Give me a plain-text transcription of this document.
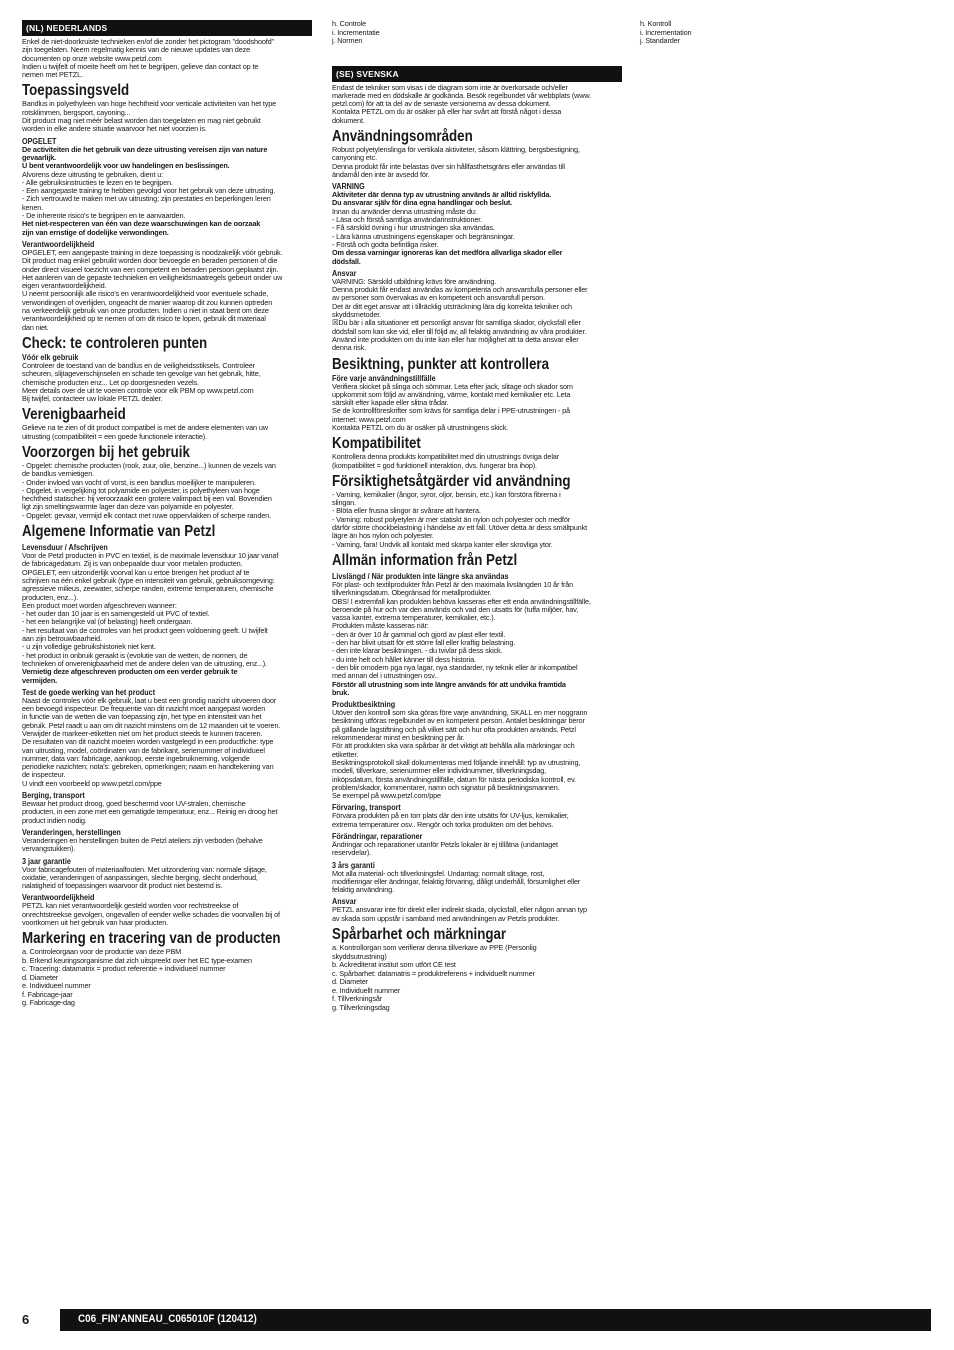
(NL) NEDERLANDS
Enkel de niet-doorkruiste technieken en/of die zonder het pictogram "doodshoofd"
zijn toegelaten. Neem regelmatig kennis van de nieuwe updates van deze
documenten op onze website www.petzl.com
Indien u twijfelt of moeite heeft om het te begrijpen, gelieve dan contact op te
nemen met PETZL.
Toepassingsveld
Bandlus in polyethyleen van hoge hechtheid voor verticale activiteiten van het type
rotsklimmen, bergsport, cayoning...
Dit product mag niet méér belast worden dan toegelaten en mag niet gebruikt
worden in elke andere situatie waarvoor het niet voorzien is.
OPGELET
De activiteiten die het gebruik van deze uitrusting vereisen zijn van nature
gevaarlijk.
U bent verantwoordelijk voor uw handelingen en beslissingen.
Alvorens deze uitrusting te gebruiken, dient u:
- Alle gebruiksinstructies te lezen en te begrijpen.
- Een aangepaste training te hebben gevolgd voor het gebruik van deze uitrusting.
- Zich vertrouwd te maken met uw uitrusting; zijn prestaties en beperkingen leren
kenen.
- De inherente risico's te begrijpen en te aanvaarden.
Het niet-respecteren van één van deze waarschuwingen kan de oorzaak
zijn van ernstige of dodelijke verwondingen.
Verantwoordelijkheid
OPGELET, een aangepaste training in deze toepassing is noodzakelijk vóór gebruik.
Dit product mag enkel gebruikt worden door bevoegde en beraden personen of die
onder direct visueel toezicht van een competent en beraden persoon geplaatst zijn.
Het aanleren van de gepaste technieken en veiligheidsmaatregels gebeurt onder uw
eigen verantwoordelijkheid.
U neemt persoonlijk alle risico's en verantwoordelijkheid voor eventuele schade,
verwondingen of overlijden, ongeacht de manier waarop dit zou kunnen optreden
na verkeerdelijk gebruik van onze producten. Indien u niet in staat bent om deze
verantwoordelijkheid op te nemen of om dit risico te lopen, gebruik dit materiaal
dan niet.
Check: te controleren punten
Vóór elk gebruik
Controleer de toestand van de bandlus en de veiligheidsstiksels. Controleer
scheuren, slijtageverschijnselen en schade ten gevolge van het gebruik, hitte,
chemische producten enz... Let op doorgesneden vezels.
Meer details over de uit te voeren controle voor elk PBM op www.petzl.com
Bij twijfel, contacteer uw lokale PETZL dealer.
Verenigbaarheid
Gelieve na te zien of dit product compatibel is met de andere elementen van uw
uitrusting (compatibiliteit = een goede functionele interactie).
Voorzorgen bij het gebruik
- Opgelet: chemische producten (rook, zuur, olie, benzine...) kunnen de vezels van
de bandlus vernietigen.
- Onder invloed van vocht of vorst, is een bandlus moeilijker te manipuleren.
- Opgelet, in vergelijking tot polyamide en polyester, is polyethyleen van hoge
hechtheid statischer: hij veroorzaakt een grotere valimpact bij een val. Bovendien
ligt zijn smeltingswarmte lager dan deze van polyamide en polyester.
- Opgelet: gevaar, vermijd elk contact met ruwe oppervlakken of scherpe randen.
Algemene Informatie van Petzl
Levensduur / Afschrijven
Voor de Petzl producten in PVC en textiel, is de maximale levensduur 10 jaar vanaf
de fabricagedatum. Zij is van onbepaalde duur voor metalen producten.
OPGELET, een uitzonderlijk voorval kan u ertoe brengen het product af te
schrijven na één enkel gebruik (type en intensiteit van gebruik, gebruiksomgeving:
agressieve milieus, zeewater, scherpe randen, extreme temperaturen, chemische
producten, enz...).
Een product moet worden afgeschreven wanneer:
- het ouder dan 10 jaar is en samengesteld uit PVC of textiel.
- het een belangrijke val (of belasting) heeft ondergaan.
- het resultaat van de controles van het product geen voldoening geeft. U twijfelt
aan zijn betrouwbaarheid.
- u zijn volledige gebruikshistoriek niet kent.
- het product in onbruik geraakt is (evolutie van de wetten, de normen, de
technieken of onverenigbaarheid met de andere delen van de uitrusting, enz...).
Vernietig deze afgeschreven producten om een verder gebruik te
vermijden.
Test de goede werking van het product
Naast de controles vóór elk gebruik, laat u best een grondig nazicht uitvoeren door
een bevoegd inspecteur. De frequentie van dit nazicht moet aangepast worden
in functie van de wetten die van toepassing zijn, het type en intensiteit van het
gebruik. Petzl raadt u aan om dit nazicht minstens om de 12 maanden uit te voeren.
Verwijder de markeer-etiketten niet om het product steeds te kunnen traceren.
De resultaten van dit nazicht moeten worden vastgelegd in een productfiche: type
van uitrusting, model, coördinaten van de fabrikant, serienummer of individueel
nummer, data van: fabricage, aankoop, eerste ingebruikneming, volgende
periodieke nazichten; nota's: gebreken, opmerkingen; naam en handtekening van
de inspecteur.
U vindt een voorbeeld op www.petzl.com/ppe
Berging, transport
Bewaar het product droog, goed beschermd voor UV-stralen, chemische
producten, in een zone met een gematigde temperatuur, enz... Reinig en droog het
product indien nodig.
Veranderingen, herstellingen
Veranderingen en herstellingen buiten de Petzl ateliers zijn verboden (behalve
vervangstukken).
3 jaar garantie
Voor fabricagefouten of materiaalfouten. Met uitzondering van: normale slijtage,
oxidatie, veranderingen of aanpassingen, slechte berging, slecht onderhoud,
nalatigheid of toepassingen waarvoor dit product niet bestemd is.
Verantwoordelijkheid
PETZL kan niet verantwoordelijk gesteld worden voor rechtstreekse of
onrechtstreekse gevolgen, ongevallen of eender welke schades die voorvallen bij of
voortkomen uit het gebruik van haar producten.
Markering en tracering van de producten
a. Controleorgaan voor de productie van deze PBM
b. Erkend keuringsorganisme dat zich uitspreekt over het EC type-examen
c. Tracering: datamatrix = product referentie + individueel nummer
d. Diameter
e. Individueel nummer
f. Fabricage-jaar
g. Fabricage-dag
h. Controle
i. Incrementatie
j. Normen
(SE) SVENSKA
Endast de tekniker som visas i de diagram som inte är överkorsade och/eller
markerade med en dödskalle är godkända. Besök regelbundet vår webbplats (www.
petzl.com) för att ta del av de senaste versionerna av dessa dokument.
Kontakta PETZL om du är osäker på eller har svårt att förstå något i dessa
dokument.
Användningsområden
Robust polyetylenslinga för vertikala aktiviteter, såsom klättring, bergsbestigning,
canyoning etc.
Denna produkt får inte belastas över sin hållfasthetsgräns eller användas till
ändamål den inte är avsedd för.
VARNING
Aktiviteter där denna typ av utrustning används är alltid riskfyllda.
Du ansvarar själv för dina egna handlingar och beslut.
Innan du använder denna utrustning måste du:
- Läsa och förstå samtliga användarinstruktioner.
- Få särskild övning i hur utrustningen ska användas.
- Lära känna utrustningens egenskaper och begränsningar.
- Förstå och godta befintliga risker.
Om dessa varningar ignoreras kan det medföra allvarliga skador eller
dödsfall.
Ansvar
VARNING: Särskild utbildning krävs före användning.
Denna produkt får endast användas av kompetenta och ansvarsfulla personer eller
av personer som övervakas av en kompetent och ansvarsfull person.
Det är ditt eget ansvar att i tillräcklig utsträckning lära dig korrekta tekniker och
skyddsmetoder.
☒Du bär i alla situationer ett personligt ansvar för samtliga skador, olycksfall eller
dödsfall som kan ske vid, eller till följd av, all felaktig användning av våra produkter.
Använd inte produkten om du inte kan eller har möjlighet att ta detta ansvar eller
denna risk.
Besiktning, punkter att kontrollera
Före varje användningstillfälle
Verifiera skicket på slinga och sömmar. Leta efter jack, slitage och skador som
uppkommit som följd av användning, värme, kontakt med kemikalier etc. Leta
särskilt efter kapade eller slitna trådar.
Se de kontrollföreskrifter som krävs för samtliga delar i PPE-utrustningen - på
internet: www.petzl.com
Kontakta PETZL om du är osäker på utrustningens skick.
Kompatibilitet
Kontrollera denna produkts kompatibilitet med din utrustnings övriga delar
(kompatibilitet = god funktionell interaktion, dvs. fungerar bra ihop).
Försiktighetsåtgärder vid användning
- Varning, kemikalier (ångor, syror, oljor, bensin, etc.) kan förstöra fibrerna i
slingan.
- Blöta eller frusna slingor är svårare att hantera.
- Varning: robust polyetylen är mer statiskt än nylon och polyester och medför
därför större chockbelastning i händelse av ett fall. Utöver detta är dess smältpunkt
lägre än hos nylon och polyester.
- Varning, fara! Undvik all kontakt med skarpa kanter eller skrovliga ytor.
Allmän information från Petzl
Livslängd / När produkten inte längre ska användas
För plast- och textilprodukter från Petzl är den maximala livslängden 10 år från
tillverkningsdatum. Obegränsad för metallprodukter.
OBS! I extremfall kan produkten behöva kasseras efter ett enda användningstillfälle,
beroende på hur och var den används och vad den utsatts för (tuffa miljöer, hav,
vassa kanter, extrema temperaturer, kemikalier, etc.).
Produkten måste kasseras när:
- den är över 10 år gammal och gjord av plast eller textil.
- den har blivit utsatt för ett större fall eller kraftig belastning.
- den inte klarar besiktningen. - du tvivlar på dess skick.
- du inte helt och hållet känner till dess historia.
- den blir omodern pga nya lagar, nya standarder, ny teknik eller är inkompatibel
med annan del i utrustningen osv..
Förstör all utrustning som inte längre används för att undvika framtida
bruk.
Produktbesiktning
Utöver den kontroll som ska göras före varje användning, SKALL en mer noggrann
besiktning utföras regelbundet av en kompetent person. Antalet besiktningar beror
på gällande lagstiftning och på vilket sätt och hur ofta produkten används. Petzl
rekommenderar minst en besiktning per år.
För att produkten ska vara spårbar är det viktigt att behålla alla märkningar och
etiketter.
Besiktningsprotokoll skall dokumenteras med följande innehåll: typ av utrustning,
modell, tillverkare, serienummer eller individnummer, tillverkningsdag,
inköpsdatum, första användningstillfälle, datum för nästa periodiska kontroll, ev.
problem/skador, kommentarer, namn och signatur på besiktningsmannen.
Se exempel på www.petzl.com/ppe
Förvaring, transport
Förvara produkten på en torr plats där den inte utsätts för UV-ljus, kemikalier,
extrema temperaturer osv.. Rengör och torka produkten om det behövs.
Förändringar, reparationer
Ändringar och reparationer utanför Petzls lokaler är ej tillåtna (undantaget
reservdelar).
3 års garanti
Mot alla material- och tillverkningsfel. Undantag: normalt slitage, rost,
modifieringar eller ändringar, felaktig förvaring, dåligt underhåll, försumlighet eller
felaktig användning.
Ansvar
PETZL ansvarar inte för direkt eller indirekt skada, olycksfall, eller någon annan typ
av skada som uppstår i samband med användningen av Petzls produkter.
Spårbarhet och märkningar
a. Kontrollorgan som verifierar denna tillverkare av PPE (Personlig
skyddsutrustning)
b. Ackrediterat institut som utfört CE test
c. Spårbarhet: datamatris = produktreferens + individuellt nummer
d. Diameter
e. Individuellt nummer
f. Tillverkningsår
g. Tillverkningsdag
h. Kontroll
i. Incrementation
j. Standarder
6	C06_FIN’ANNEAU_C065010F (120412)
